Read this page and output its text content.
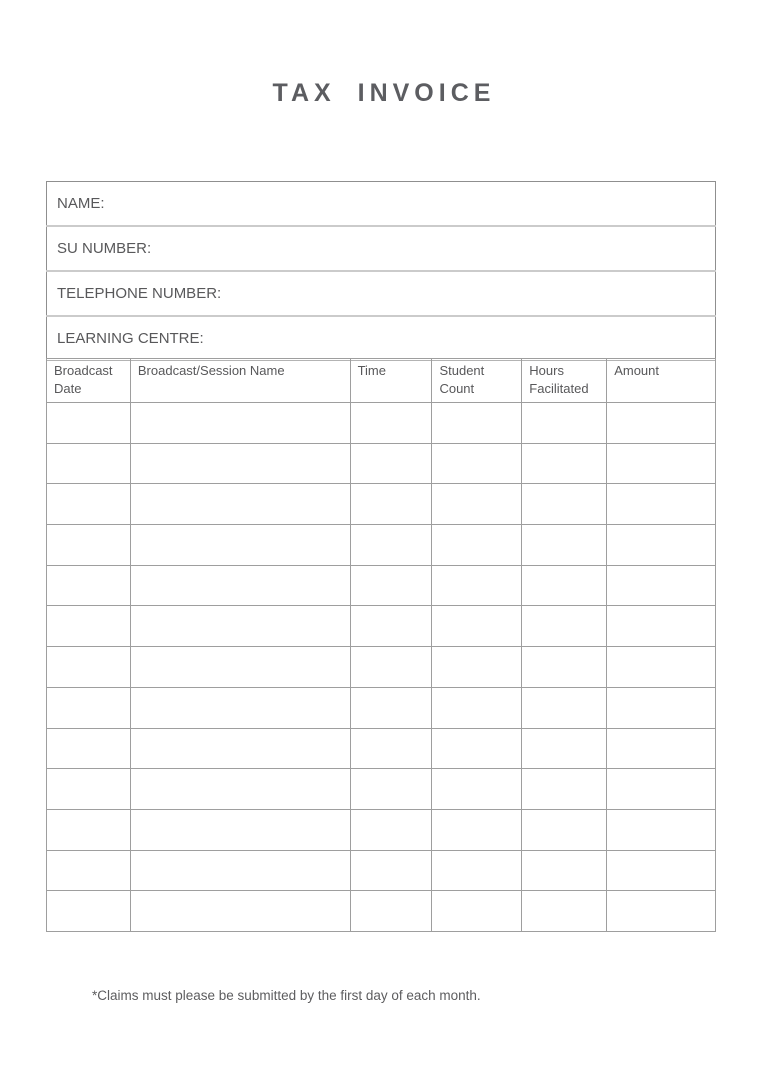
TAX INVOICE
NAME:
SU NUMBER:
TELEPHONE NUMBER:
LEARNING CENTRE:
Broadcast Date	Broadcast/Session Name	Time	Student Count	Hours Facilitated	Amount

*Claims must please be submitted by the first day of each month.
